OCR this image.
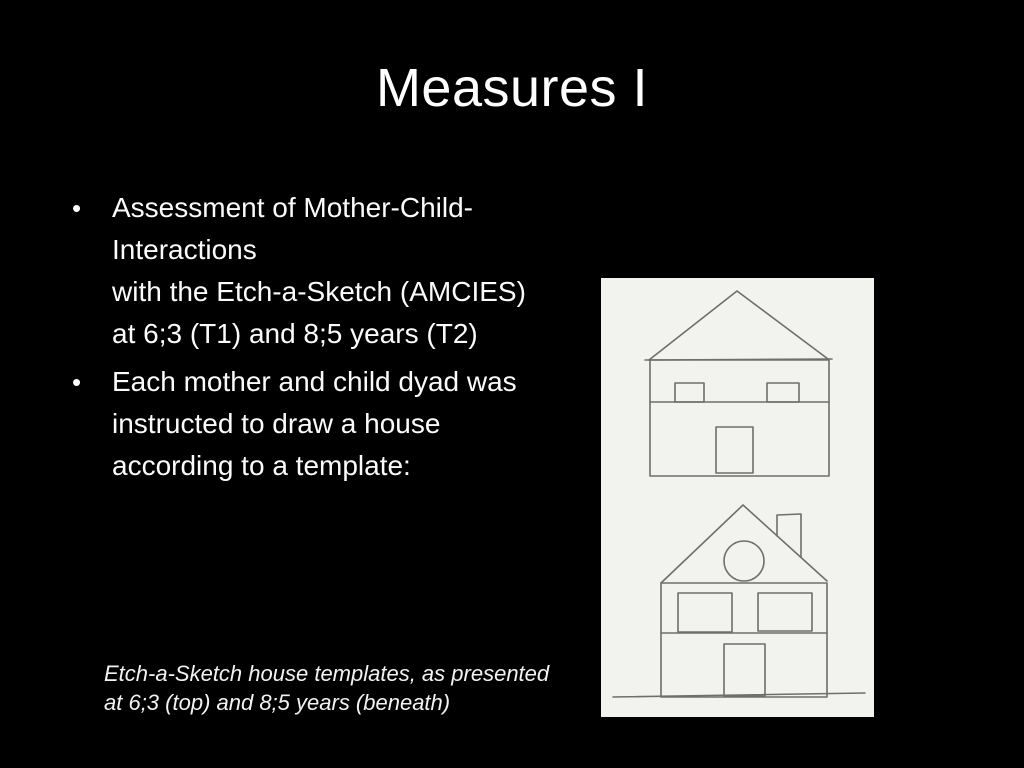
Measures I
•	Assessment of Mother-Child-Interactions
with the Etch-a-Sketch (AMCIES)
at 6;3 (T1) and 8;5 years (T2)
•	Each mother and child dyad was
instructed to draw a house
according to a template:
Etch-a-Sketch house templates, as presented
at 6;3 (top) and 8;5 years (beneath)
